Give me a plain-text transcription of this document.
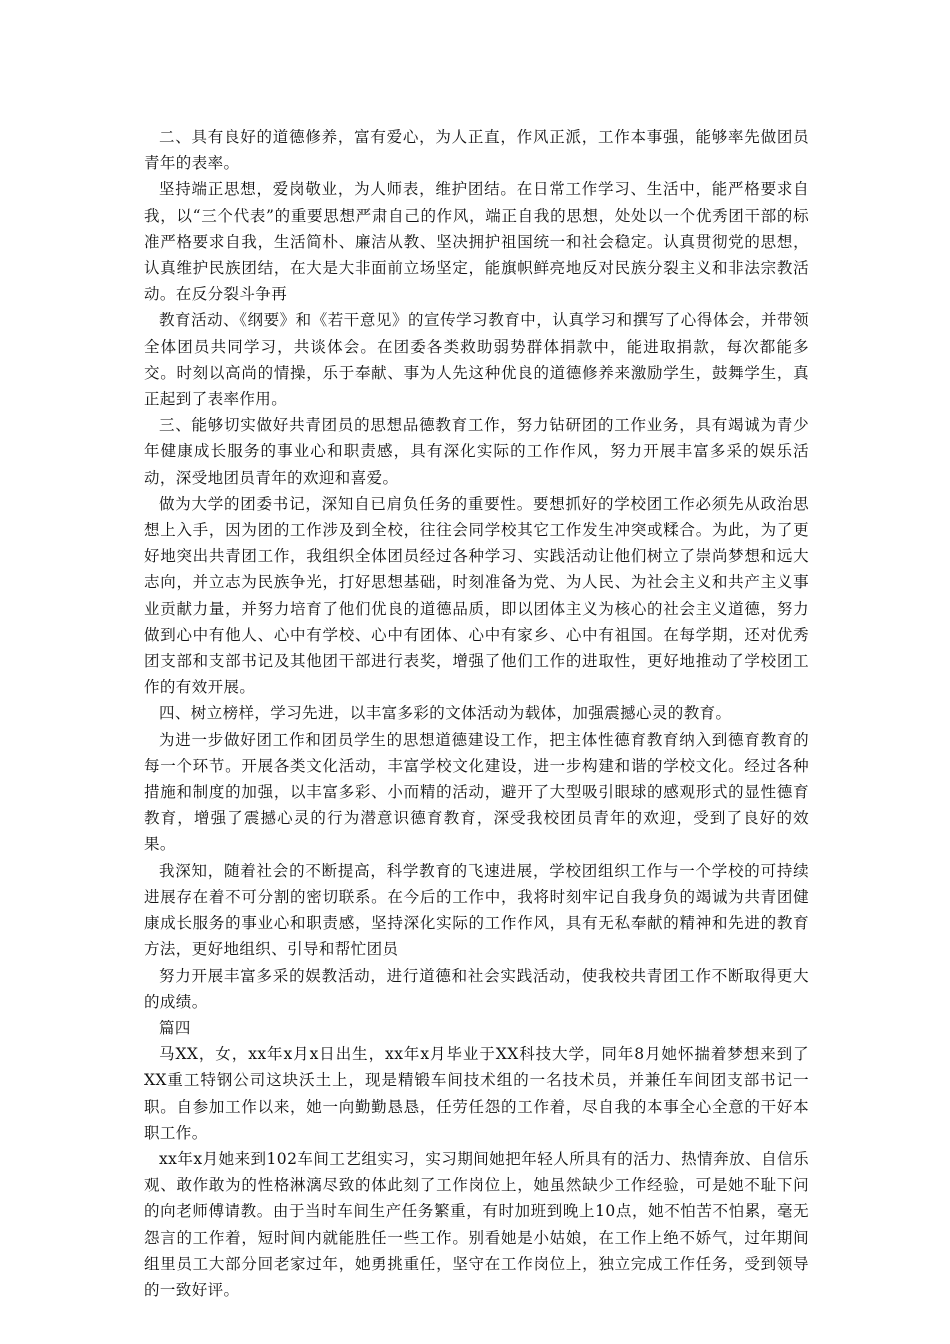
二、具有良好的道德修养，富有爱心，为人正直，作风正派，工作本事强，能够率先做团员青年的表率。

坚持端正思想，爱岗敬业，为人师表，维护团结。在日常工作学习、生活中，能严格要求自我，以“三个代表”的重要思想严肃自己的作风，端正自我的思想，处处以一个优秀团干部的标准严格要求自我，生活简朴、廉洁从教、坚决拥护祖国统一和社会稳定。认真贯彻党的思想，认真维护民族团结，在大是大非面前立场坚定，能旗帜鲜亮地反对民族分裂主义和非法宗教活动。在反分裂斗争再

教育活动、《纲要》和《若干意见》的宣传学习教育中，认真学习和撰写了心得体会，并带领全体团员共同学习，共谈体会。在团委各类救助弱势群体捐款中，能进取捐款，每次都能多交。时刻以高尚的情操，乐于奉献、事为人先这种优良的道德修养来激励学生，鼓舞学生，真正起到了表率作用。

三、能够切实做好共青团员的思想品德教育工作，努力钻研团的工作业务，具有竭诚为青少年健康成长服务的事业心和职责感，具有深化实际的工作作风，努力开展丰富多采的娱乐活动，深受地团员青年的欢迎和喜爱。

做为大学的团委书记，深知自已肩负任务的重要性。要想抓好的学校团工作必须先从政治思想上入手，因为团的工作涉及到全校，往往会同学校其它工作发生冲突或糅合。为此，为了更好地突出共青团工作，我组织全体团员经过各种学习、实践活动让他们树立了崇尚梦想和远大志向，并立志为民族争光，打好思想基础，时刻准备为党、为人民、为社会主义和共产主义事业贡献力量，并努力培育了他们优良的道德品质，即以团体主义为核心的社会主义道德，努力做到心中有他人、心中有学校、心中有团体、心中有家乡、心中有祖国。在每学期，还对优秀团支部和支部书记及其他团干部进行表奖，增强了他们工作的进取性，更好地推动了学校团工作的有效开展。

四、树立榜样，学习先进，以丰富多彩的文体活动为载体，加强震撼心灵的教育。

为进一步做好团工作和团员学生的思想道德建设工作，把主体性德育教育纳入到德育教育的每一个环节。开展各类文化活动，丰富学校文化建设，进一步构建和谐的学校文化。经过各种措施和制度的加强，以丰富多彩、小而精的活动，避开了大型吸引眼球的感观形式的显性德育教育，增强了震撼心灵的行为潜意识德育教育，深受我校团员青年的欢迎，受到了良好的效果。

我深知，随着社会的不断提高，科学教育的飞速进展，学校团组织工作与一个学校的可持续进展存在着不可分割的密切联系。在今后的工作中，我将时刻牢记自我身负的竭诚为共青团健康成长服务的事业心和职责感，坚持深化实际的工作作风，具有无私奉献的精神和先进的教育方法，更好地组织、引导和帮忙团员

努力开展丰富多采的娱教活动，进行道德和社会实践活动，使我校共青团工作不断取得更大的成绩。

篇四

马XX，女，xx年x月x日出生，xx年x月毕业于XX科技大学，同年8月她怀揣着梦想来到了XX重工特钢公司这块沃土上，现是精锻车间技术组的一名技术员，并兼任车间团支部书记一职。自参加工作以来，她一向勤勤恳恳，任劳任怨的工作着，尽自我的本事全心全意的干好本职工作。

xx年x月她来到102车间工艺组实习，实习期间她把年轻人所具有的活力、热情奔放、自信乐观、敢作敢为的性格淋漓尽致的体此刻了工作岗位上，她虽然缺少工作经验，可是她不耻下问的向老师傅请教。由于当时车间生产任务繁重，有时加班到晚上10点，她不怕苦不怕累，毫无怨言的工作着，短时间内就能胜任一些工作。别看她是小姑娘，在工作上绝不娇气，过年期间组里员工大部分回老家过年，她勇挑重任，坚守在工作岗位上，独立完成工作任务，受到领导的一致好评。
